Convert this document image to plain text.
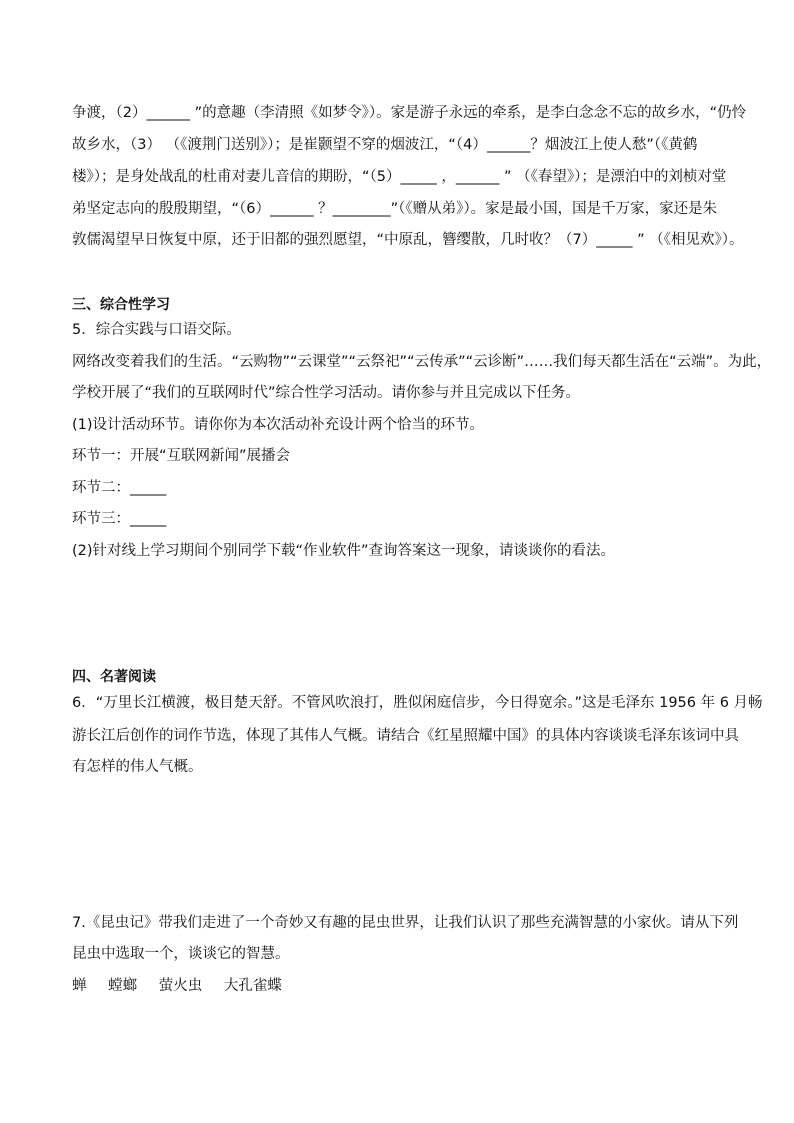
争渡，（2）______ ”的意趣（李清照《如梦令》）。家是游子永远的牵系，是李白念念不忘的故乡水，“仍怜
故乡水，（3） （《渡荆门送别》）；是崔颢望不穿的烟波江，“（4）______？烟波江上使人愁”（《黄鹤
楼》）；是身处战乱的杜甫对妻儿音信的期盼，“（5）_____ ，______ ” （《春望》）；是漂泊中的刘桢对堂
弟坚定志向的殷殷期望，“（6）______ ？________”（《赠从弟》）。家是最小国，国是千万家，家还是朱
敦儒渴望早日恢复中原，还于旧都的强烈愿望，“中原乱，簪缨散，几时收？（7）_____ ” （《相见欢》）。
三、综合性学习
5．综合实践与口语交际。
网络改变着我们的生活。“云购物”“云课堂”“云祭祀”“云传承”“云诊断”……我们每天都生活在“云端”。为此，
学校开展了“我们的互联网时代”综合性学习活动。请你参与并且完成以下任务。
(1)设计活动环节。请你你为本次活动补充设计两个恰当的环节。
环节一：开展“互联网新闻”展播会
环节二：_____
环节三：_____
(2)针对线上学习期间个别同学下载“作业软件”查询答案这一现象，请谈谈你的看法。
四、名著阅读
6．“万里长江横渡，极目楚天舒。不管风吹浪打，胜似闲庭信步，今日得宽余。”这是毛泽东 1956 年 6 月畅
游长江后创作的词作节选，体现了其伟人气概。请结合《红星照耀中国》的具体内容谈谈毛泽东该词中具
有怎样的伟人气概。
7.《昆虫记》带我们走进了一个奇妙又有趣的昆虫世界，让我们认识了那些充满智慧的小家伙。请从下列
昆虫中选取一个，谈谈它的智慧。
蝉 螳螂 萤火虫 大孔雀蝶
